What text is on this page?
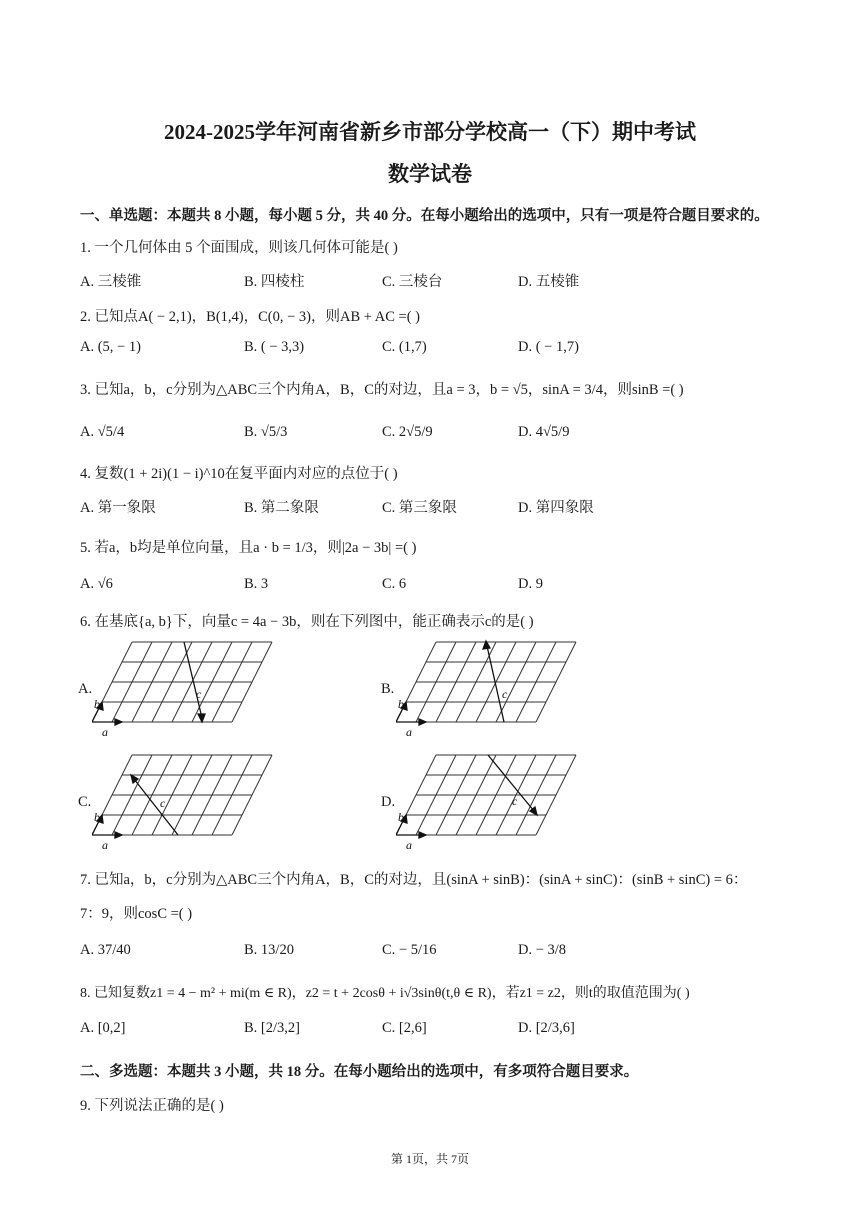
2024-2025学年河南省新乡市部分学校高一（下）期中考试
数学试卷
一、单选题：本题共 8 小题，每小题 5 分，共 40 分。在每小题给出的选项中，只有一项是符合题目要求的。
1. 一个几何体由 5 个面围成，则该几何体可能是( )
A. 三棱锥	B. 四棱柱	C. 三棱台	D. 五棱锥
2. 已知点A( − 2,1)，B(1,4)，C(0, − 3)，则AB + AC =( )
A. (5, − 1)	B. ( − 3,3)	C. (1,7)	D. ( − 1,7)
3. 已知a，b，c分别为△ABC三个内角A，B，C的对边，且a = 3，b = √5，sinA = 3/4，则sinB =( )
A. √5/4	B. √5/3	C. 2√5/9	D. 4√5/9
4. 复数(1 + 2i)(1 − i)^10在复平面内对应的点位于( )
A. 第一象限	B. 第二象限	C. 第三象限	D. 第四象限
5. 若a，b均是单位向量，且a · b = 1/3，则|2a − 3b| =( )
A. √6	B. 3	C. 6	D. 9
6. 在基底{a, b}下，向量c = 4a − 3b，则在下列图中，能正确表示c的是( )
A.	B.
C.	D.
a
b
c
a
b
c
a
b
c
a
b
c
7. 已知a，b，c分别为△ABC三个内角A，B，C的对边，且(sinA + sinB)：(sinA + sinC)：(sinB + sinC) = 6：
7：9，则cosC =( )
A. 37/40	B. 13/20	C. − 5/16	D. − 3/8
8. 已知复数z1 = 4 − m² + mi(m ∈ R)，z2 = t + 2cosθ + i√3sinθ(t,θ ∈ R)，若z1 = z2，则t的取值范围为( )
A. [0,2]	B. [2/3,2]	C. [2,6]	D. [2/3,6]
二、多选题：本题共 3 小题，共 18 分。在每小题给出的选项中，有多项符合题目要求。
9. 下列说法正确的是( )
第 1页，共 7页
